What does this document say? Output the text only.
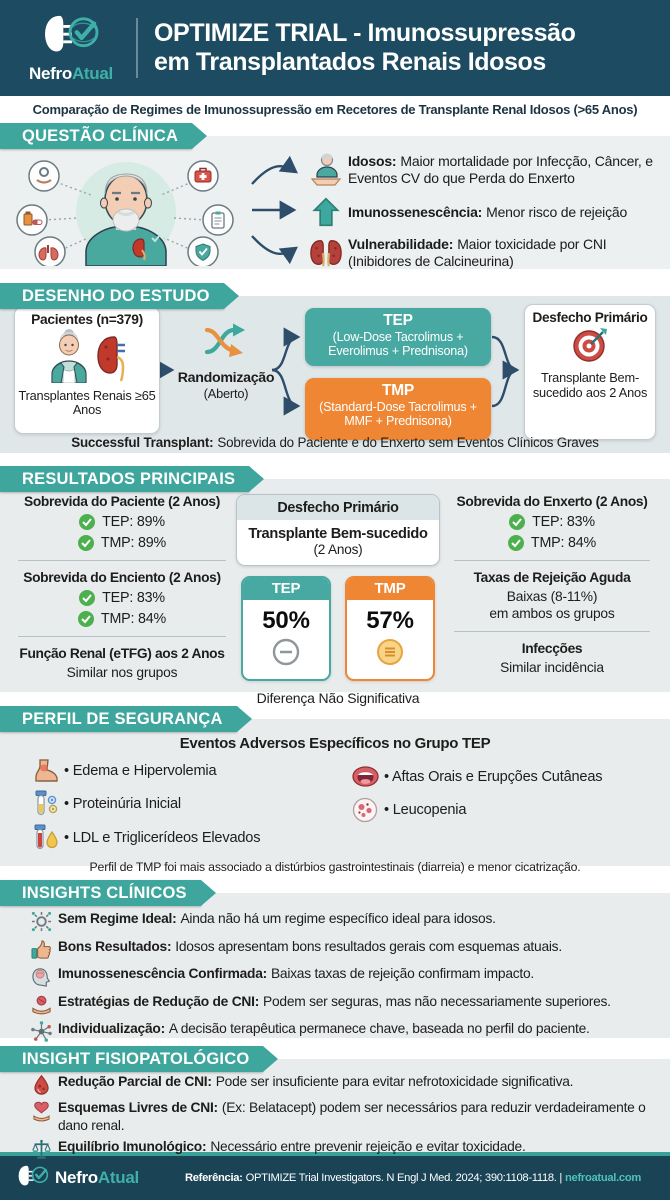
NefroAtual
OPTIMIZE TRIAL - Imunossupressão
em Transplantados Renais Idosos
Comparação de Regimes de Imunossupressão em Recetores de Transplante Renal Idosos (>65 Anos)
QUESTÃO CLÍNICA
Idosos: Maior mortalidade por Infecção, Câncer, e Eventos CV do que Perda do Enxerto
Imunossenescência: Menor risco de rejeição
Vulnerabilidade: Maior toxicidade por CNI (Inibidores de Calcineurina)
DESENHO DO ESTUDO
Pacientes (n=379)
Transplantes Renais ≥65 Anos
Randomização
(Aberto)
TEP
(Low-Dose Tacrolimus + Everolimus + Prednisona)
TMP
(Standard-Dose Tacrolimus + MMF + Prednisona)
Desfecho Primário
Transplante Bem-sucedido aos 2 Anos
Successful Transplant: Sobrevida do Paciente e do Enxerto sem Eventos Clínicos Graves
RESULTADOS PRINCIPAIS
Sobrevida do Paciente (2 Anos)
TEP: 89%
TMP: 89%
Sobrevida do Enciento (2 Anos)
TEP: 83%
TMP: 84%
Função Renal (eTFG) aos 2 Anos
Similar nos grupos
Desfecho Primário
Transplante Bem-sucedido
(2 Anos)
TEP
50%
TMP
57%
Diferença Não Significativa
Sobrevida do Enxerto (2 Anos)
TEP: 83%
TMP: 84%
Taxas de Rejeição Aguda
Baixas (8-11%)
em ambos os grupos
Infecções
Similar incidência
PERFIL DE SEGURANÇA
Eventos Adversos Específicos no Grupo TEP
• Edema e Hipervolemia
• Proteinúria Inicial
• LDL e Triglicerídeos Elevados
• Aftas Orais e Erupções Cutâneas
• Leucopenia
Perfil de TMP foi mais associado a distúrbios gastrointestinais (diarreia) e menor cicatrização.
INSIGHTS CLÍNICOS
Sem Regime Ideal: Ainda não há um regime específico ideal para idosos.
Bons Resultados: Idosos apresentam bons resultados gerais com esquemas atuais.
Imunossenescência Confirmada: Baixas taxas de rejeição confirmam impacto.
Estratégias de Redução de CNI: Podem ser seguras, mas não necessariamente superiores.
Individualização: A decisão terapêutica permanece chave, baseada no perfil do paciente.
INSIGHT FISIOPATOLÓGICO
Redução Parcial de CNI: Pode ser insuficiente para evitar nefrotoxicidade significativa.
Esquemas Livres de CNI: (Ex: Belatacept) podem ser necessários para reduzir verdadeiramente o dano renal.
Equilíbrio Imunológico: Necessário entre prevenir rejeição e evitar toxicidade.
NefroAtual	Referência: OPTIMIZE Trial Investigators. N Engl J Med. 2024; 390:1108-1118. | nefroatual.com
